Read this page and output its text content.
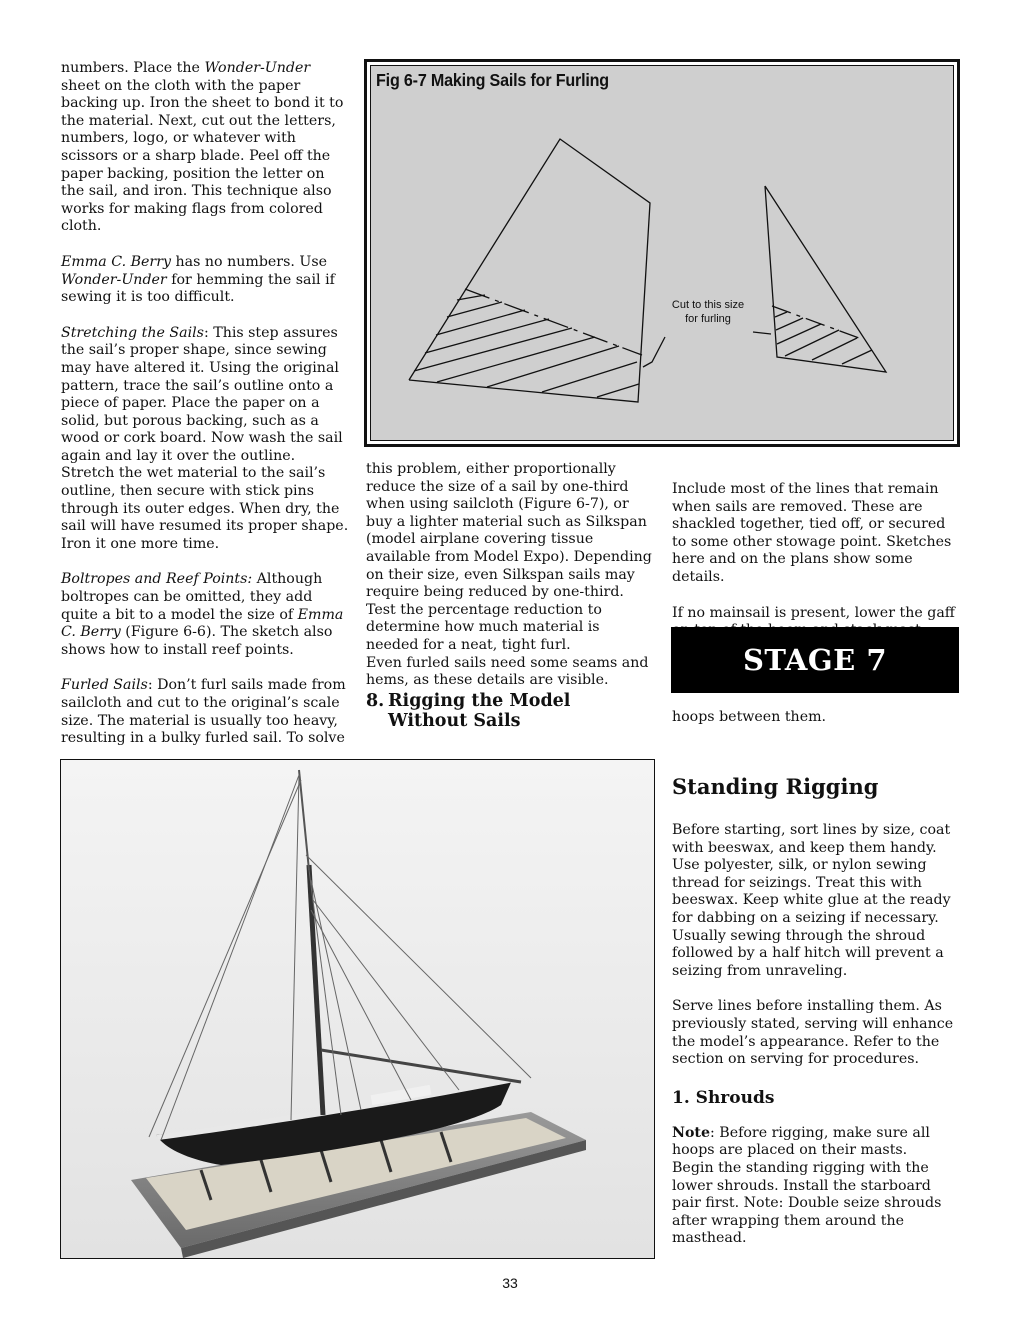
numbers. Place the Wonder-Under sheet on the cloth with the paper backing up. Iron the sheet to bond it to the material. Next, cut out the letters, numbers, logo, or whatever with scissors or a sharp blade. Peel off the paper backing, position the letter on the sail, and iron. This technique also works for making flags from colored cloth.

Emma C. Berry has no numbers. Use Wonder-Under for hemming the sail if sewing it is too difficult.

Stretching the Sails: This step assures the sail’s proper shape, since sewing may have altered it. Using the original pattern, trace the sail’s outline onto a piece of paper. Place the paper on a solid, but porous backing, such as a wood or cork board. Now wash the sail again and lay it over the outline. Stretch the wet material to the sail’s outline, then secure with stick pins through its outer edges. When dry, the sail will have resumed its proper shape. Iron it one more time.

Boltropes and Reef Points: Although boltropes can be omitted, they add quite a bit to a model the size of Emma C. Berry (Figure 6-6). The sketch also shows how to install reef points.

Furled Sails: Don’t furl sails made from sailcloth and cut to the original’s scale size. The material is usually too heavy, resulting in a bulky furled sail. To solve

Fig 6-7 Making Sails for Furling
Cut to this size
for furling

this problem, either proportionally reduce the size of a sail by one-third when using sailcloth (Figure 6-7), or buy a lighter material such as Silkspan (model airplane covering tissue available from Model Expo). Depending on their size, even Silkspan sails may require being reduced by one-third. Test the percentage reduction to determine how much material is needed for a neat, tight furl.

Even furled sails need some seams and hems, as these details are visible.

8. Rigging the Model
Without Sails

Include most of the lines that remain when sails are removed. These are shackled together, tied off, or secured to some other stowage point. Sketches here and on the plans show some details.

If no mainsail is present, lower the gaff

STAGE 7

hoops between them.

Standing Rigging

Before starting, sort lines by size, coat with beeswax, and keep them handy. Use polyester, silk, or nylon sewing thread for seizings. Treat this with beeswax. Keep white glue at the ready for dabbing on a seizing if necessary. Usually sewing through the shroud followed by a half hitch will prevent a seizing from unraveling.

Serve lines before installing them. As previously stated, serving will enhance the model’s appearance. Refer to the section on serving for procedures.

1. Shrouds

Note: Before rigging, make sure all hoops are placed on their masts.

Begin the standing rigging with the lower shrouds. Install the starboard pair first. Note: Double seize shrouds after wrapping them around the masthead.

33
